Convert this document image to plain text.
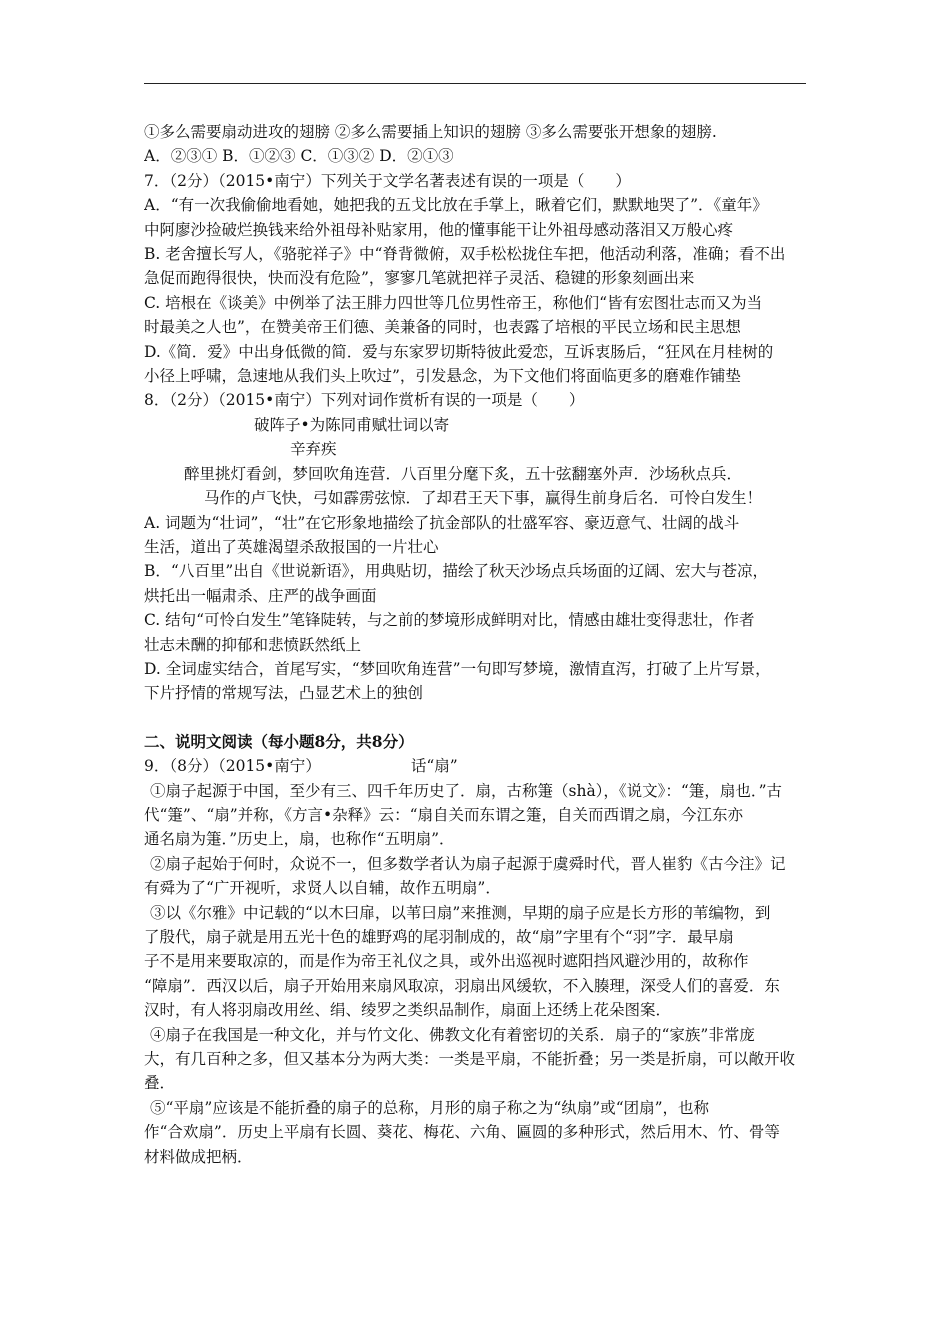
①多么需要扇动进攻的翅膀 ②多么需要插上知识的翅膀 ③多么需要张开想象的翅膀.
A．②③① B．①②③ C．①③② D．②①③
7．（2分）（2015•南宁）下列关于文学名著表述有误的一项是（　　）
A．“有一次我偷偷地看她，她把我的五戈比放在手掌上，瞅着它们，默默地哭了”．《童年》
中阿廖沙捡破烂换钱来给外祖母补贴家用，他的懂事能干让外祖母感动落泪又万般心疼
B. 老舍擅长写人，《骆驼祥子》中“脊背微俯，双手松松拢住车把，他活动利落，准确；看不出
急促而跑得很快，快而没有危险”，寥寥几笔就把祥子灵活、稳键的形象刻画出来
C. 培根在《谈美》中例举了法王腓力四世等几位男性帝王，称他们“皆有宏图壮志而又为当
时最美之人也”，在赞美帝王们德、美兼备的同时，也表露了培根的平民立场和民主思想
D.《简．爱》中出身低微的简．爱与东家罗切斯特彼此爱恋，互诉衷肠后，“狂风在月桂树的
小径上呼啸，急速地从我们头上吹过”，引发悬念，为下文他们将面临更多的磨难作铺垫
8．（2分）（2015•南宁）下列对词作赏析有误的一项是（　　）
破阵子•为陈同甫赋壮词以寄
辛弃疾
醉里挑灯看剑，梦回吹角连营．八百里分麾下炙，五十弦翻塞外声．沙场秋点兵．
马作的卢飞快，弓如霹雳弦惊．了却君王天下事，赢得生前身后名．可怜白发生！
A. 词题为“壮词”，“壮”在它形象地描绘了抗金部队的壮盛军容、豪迈意气、壮阔的战斗
生活，道出了英雄渴望杀敌报国的一片壮心
B．“八百里”出自《世说新语》，用典贴切，描绘了秋天沙场点兵场面的辽阔、宏大与苍凉，
烘托出一幅肃杀、庄严的战争画面
C. 结句“可怜白发生”笔锋陡转，与之前的梦境形成鲜明对比，情感由雄壮变得悲壮，作者
壮志未酬的抑郁和悲愤跃然纸上
D. 全词虚实结合，首尾写实，“梦回吹角连营”一句即写梦境，激情直泻，打破了上片写景，
下片抒情的常规写法，凸显艺术上的独创
二、说明文阅读（每小题8分，共8分）
9．（8分）（2015•南宁）	话“扇”
①扇子起源于中国，至少有三、四千年历史了．扇，古称箑（shà），《说文》：“箑，扇也．”古
代“箑”、“扇”并称，《方言•杂释》云：“扇自关而东谓之箑，自关而西谓之扇，今江东亦
通名扇为箑．”历史上，扇，也称作“五明扇”．
②扇子起始于何时，众说不一，但多数学者认为扇子起源于虞舜时代，晋人崔豹《古今注》记
有舜为了“广开视听，求贤人以自辅，故作五明扇”．
③以《尔雅》中记载的“以木曰扉，以苇曰扇”来推测，早期的扇子应是长方形的苇编物，到
了殷代，扇子就是用五光十色的雄野鸡的尾羽制成的，故“扇”字里有个“羽”字．最早扇
子不是用来要取凉的，而是作为帝王礼仪之具，或外出巡视时遮阳挡风避沙用的，故称作
“障扇”．西汉以后，扇子开始用来扇风取凉，羽扇出风缓软，不入腠理，深受人们的喜爱．东
汉时，有人将羽扇改用丝、绢、绫罗之类织品制作，扇面上还绣上花朵图案．
④扇子在我国是一种文化，并与竹文化、佛教文化有着密切的关系．扇子的“家族”非常庞
大，有几百种之多，但又基本分为两大类：一类是平扇，不能折叠；另一类是折扇，可以敞开收
叠．
⑤“平扇”应该是不能折叠的扇子的总称，月形的扇子称之为“纨扇”或“团扇”，也称
作“合欢扇”．历史上平扇有长圆、葵花、梅花、六角、匾圆的多种形式，然后用木、竹、骨等
材料做成把柄．
